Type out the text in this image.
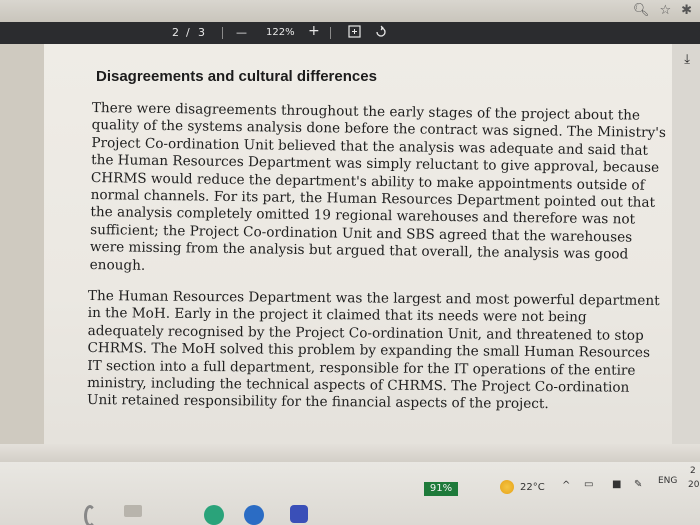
🔍︎ ☆ ✱
2 / 3	— 122% +
⤓
Disagreements and cultural differences

There were disagreements throughout the early stages of the project about the quality of the systems analysis done before the contract was signed. The Ministry's Project Co-ordination Unit believed that the analysis was adequate and said that the Human Resources Department was simply reluctant to give approval, because CHRMS would reduce the department's ability to make appointments outside of normal channels. For its part, the Human Resources Department pointed out that the analysis completely omitted 19 regional warehouses and therefore was not sufficient; the Project Co-ordination Unit and SBS agreed that the warehouses were missing from the analysis but argued that overall, the analysis was good enough.

The Human Resources Department was the largest and most powerful department in the MoH. Early in the project it claimed that its needs were not being adequately recognised by the Project Co-ordination Unit, and threatened to stop CHRMS. The MoH solved this problem by expanding the small Human Resources IT section into a full department, responsible for the IT operations of the entire ministry, including the technical aspects of CHRMS. The Project Co-ordination Unit retained responsibility for the financial aspects of the project.

91%	22°C ^ ▭ ■ ✎ ENG
2
20
